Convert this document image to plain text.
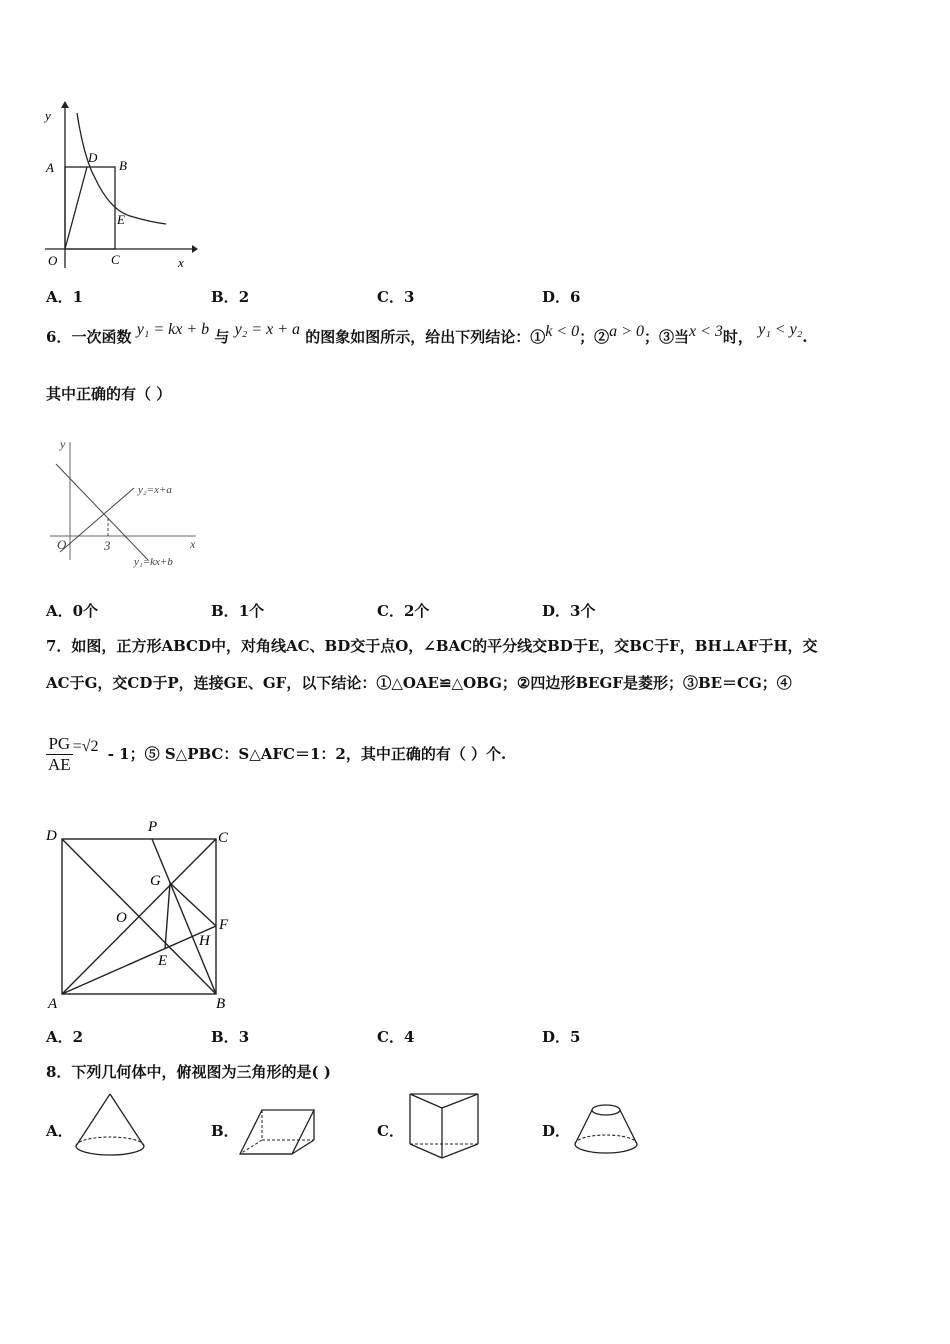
y
A
D
B
E
O	C	x
A．1	B．2	C．3	D．6
6．一次函数 y₁ = kx + b 与 y₂ = x + a 的图象如图所示，给出下列结论：①k < 0；②a > 0；③当x < 3时， y₁ < y₂.
其中正确的有（ ）
y
x
O	3
y₂=x+a
y₁=kx+b
A．0个	B．1个	C．2个	D．3个
7．如图，正方形ABCD中，对角线AC、BD交于点O，∠BAC的平分线交BD于E，交BC于F，BH⊥AF于H，交
AC于G，交CD于P，连接GE、GF，以下结论：①△OAE≌△OBG；②四边形BEGF是菱形；③BE＝CG；④
$\frac{PG}{AE} =√2 - 1$；⑤ S△PBC：S△AFC＝1：2，其中正确的有（ ）个.
D	C
P
G
O	F
H
E
A	B
A．2	B．3	C．4	D．5
8．下列几何体中，俯视图为三角形的是( )
A．	B．	C．	D．
